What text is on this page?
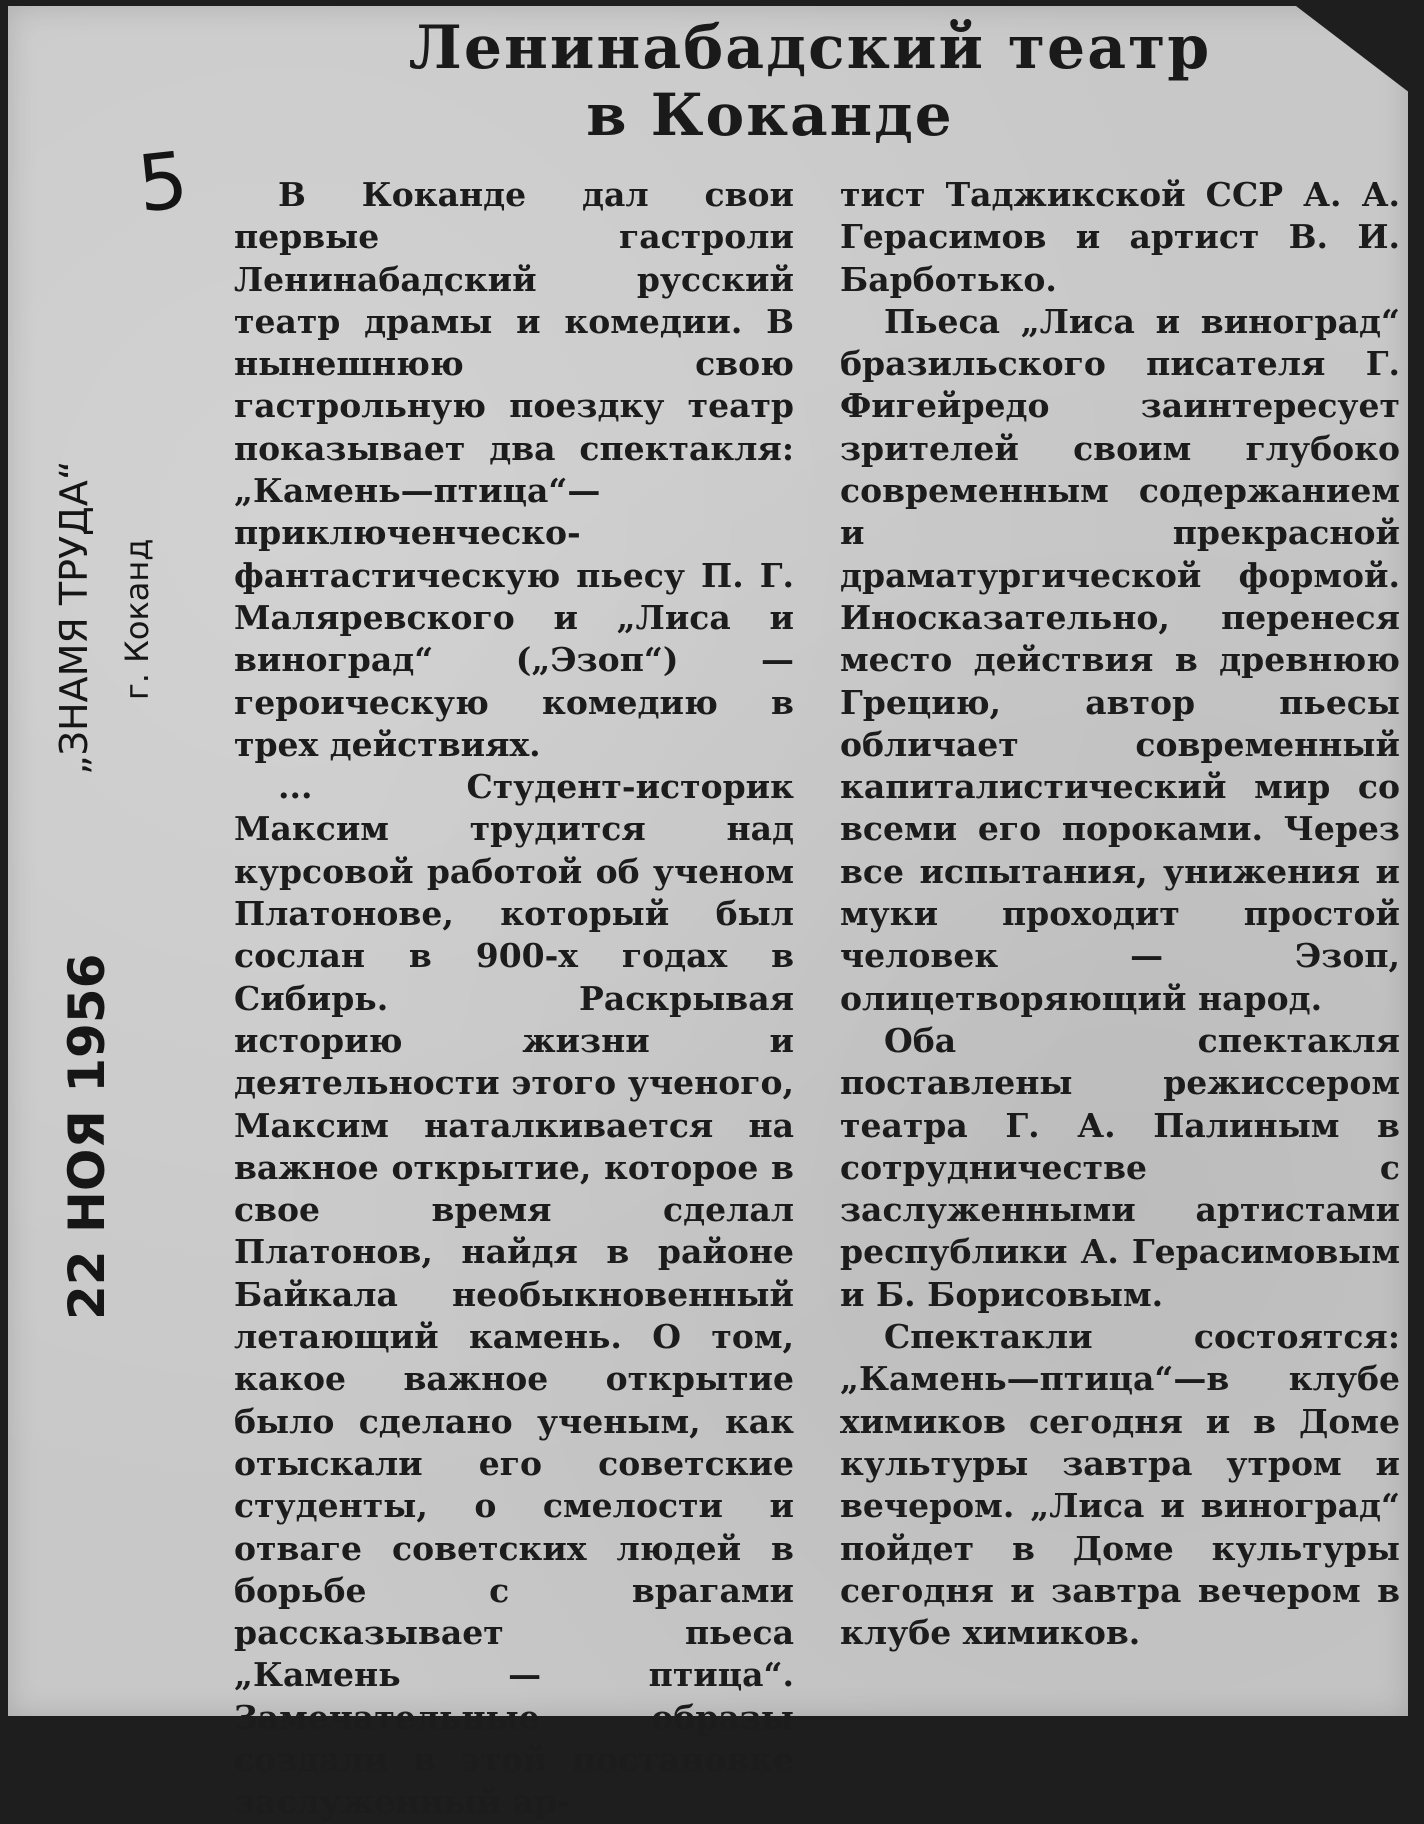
Ленинабадский театр
в Коканде
5
„ЗНАМЯ ТРУДА“ г. Коканд
22 НОЯ 1956

В Коканде дал свои первые гастроли Ленинабадский русский театр драмы и комедии. В нынешнюю свою гастрольную поездку театр показывает два спектакля: „Камень—птица“— приключенческо-фантастическую пьесу П. Г. Маляревского и „Лиса и виноград“ („Эзоп“) — героическую комедию в трех действиях.

... Студент-историк Максим трудится над курсовой работой об ученом Платонове, который был сослан в 900-х годах в Сибирь. Раскрывая историю жизни и деятельности этого ученого, Максим наталкивается на важное открытие, которое в свое время сделал Платонов, найдя в районе Байкала необыкновенный летающий камень. О том, какое важное открытие было сделано ученым, как отыскали его советские студенты, о смелости и отваге советских людей в борьбе с врагами рассказывает пьеса „Камень — птица“. Замечательные образы создали в этой постановке заслуженный ар-

тист Таджикской ССР А. А. Герасимов и артист В. И. Барботько.

Пьеса „Лиса и виноград“ бразильского писателя Г. Фигейредо заинтересует зрителей своим глубоко современным содержанием и прекрасной драматургической формой. Иносказательно, перенеся место действия в древнюю Грецию, автор пьесы обличает современный капиталистический мир со всеми его пороками. Через все испытания, унижения и муки проходит простой человек — Эзоп, олицетворяющий народ.

Оба спектакля поставлены режиссером театра Г. А. Палиным в сотрудничестве с заслуженными артистами республики А. Герасимовым и Б. Борисовым.

Спектакли состоятся: „Камень—птица“—в клубе химиков сегодня и в Доме культуры завтра утром и вечером. „Лиса и виноград“ пойдет в Доме культуры сегодня и завтра вечером в клубе химиков.
